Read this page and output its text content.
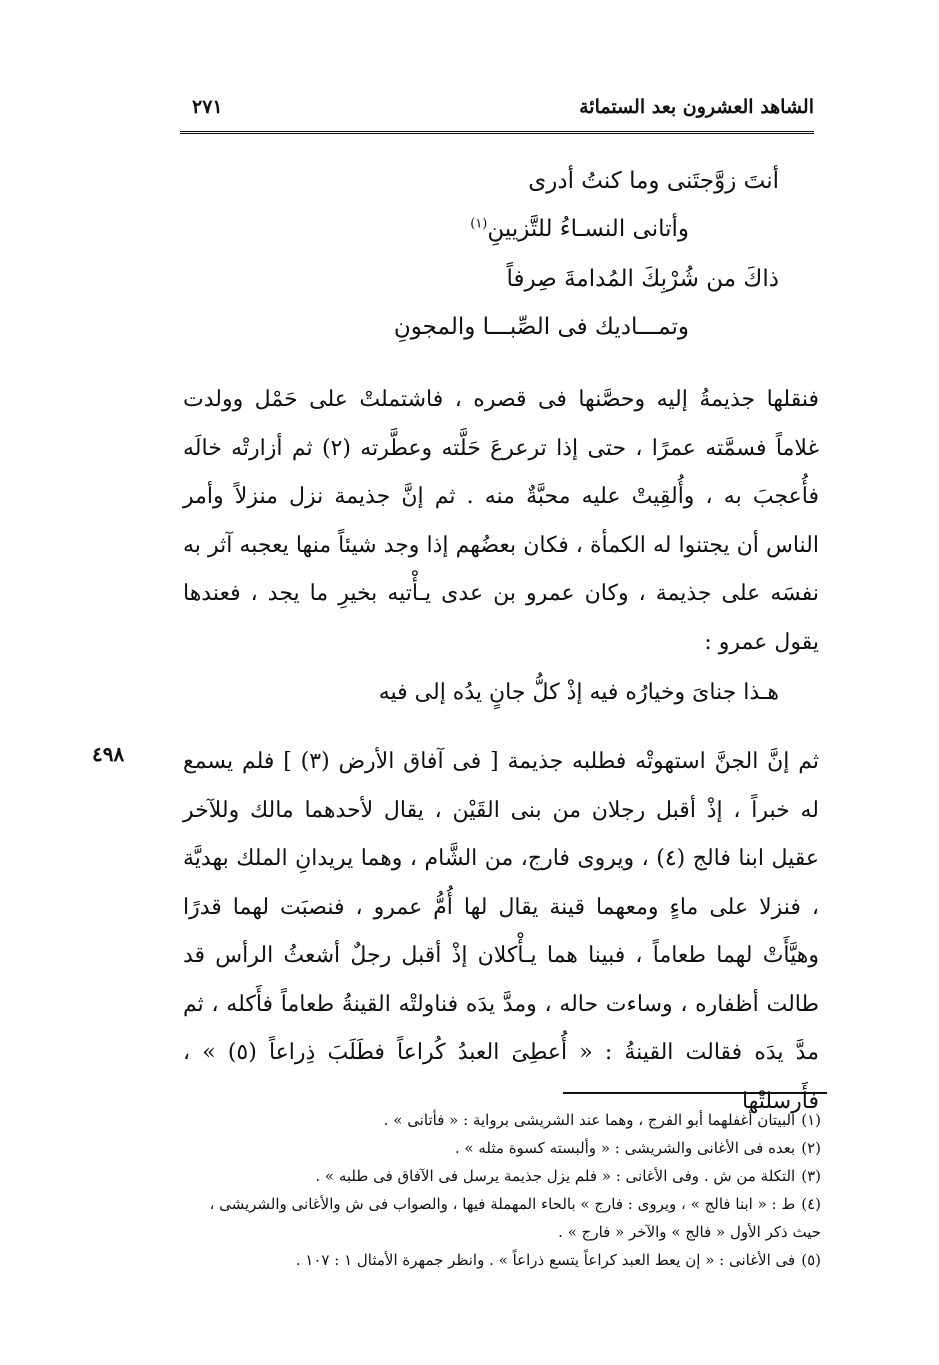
الشاهد العشرون بعد الستمائة
٢٧١
أنتَ زوَّجتَنى وما كنتُ أدرى
وأتانى النسـاءُ للتَّزيينِ$^{(١)}$
ذاكَ من شُرْبِكَ المُدامةَ صِرفاً
وتمـــاديك فى الصِّبـــا والمجونِ
فنقلها جذيمةُ إليه وحصَّنها فى قصره ، فاشتملتْ على حَمْل وولدت غلاماً فسمَّته عمرًا ، حتى إذا ترعرعَ حَلَّته وعطَّرته (٢) ثم أزارتْه خالَه فأُعجبَ به ، وأُلقِيتْ عليه محبَّةٌ منه . ثم إنَّ جذيمة نزل منزلاً وأمر الناس أن يجتنوا له الكمأة ، فكان بعضُهم إذا وجد شيئاً منها يعجبه آثر به نفسَه على جذيمة ، وكان عمرو بن عدى يـأْتيه بخيرِ ما يجد ، فعندها يقول عمرو :
هـذا جناىَ وخيارُه فيه إذْ كلُّ جانٍ يدُه إلى فيه
ثم إنَّ الجنَّ استهوتْه فطلبه جذيمة [ فى آفاق الأرض (٣) ] فلم يسمع له خبراً ، إذْ أقبل رجلان من بنى القَيْن ، يقال لأحدهما مالك وللآخر عقيل ابنا فالج (٤) ، ويروى فارج، من الشَّام ، وهما يريدانِ الملك بهديَّة ، فنزلا على ماءٍ ومعهما قينة يقال لها أُمُّ عمرو ، فنصبَت لهما قدرًا وهيَّأَتْ لهما طعاماً ، فبينا هما يـأْكلان إذْ أقبل رجلٌ أشعثُ الرأس قد طالت أظفاره ، وساءت حاله ، ومدَّ يدَه فناولتْه القينةُ طعاماً فأَكله ، ثم مدَّ يدَه فقالت القينةُ : « أُعطِىَ العبدُ كُراعاً فطَلَبَ ذِراعاً (٥) » ، فأَرسلتْها
٤٩٨

(١)البيتان أغفلهما أبو الفرج ، وهما عند الشريشى برواية : « فأتانى » .

(٢)بعده فى الأغانى والشريشى : « وألبسته كسوة مثله » .

(٣)التكلة من ش . وفى الأغانى : « فلم يزل جذيمة يرسل فى الآفاق فى طلبه » .

(٤)ط : « ابنا فالج » ، ويروى : فارج » بالحاء المهملة فيها ، والصواب فى ش والأغانى والشريشى ، حيث ذكر الأول « فالج » والآخر « فارج » .

(٥)فى الأغانى : « إن يعط العبد كراعاً يتسع ذراعاً » . وانظر جمهرة الأمثال ١ : ١٠٧ .
